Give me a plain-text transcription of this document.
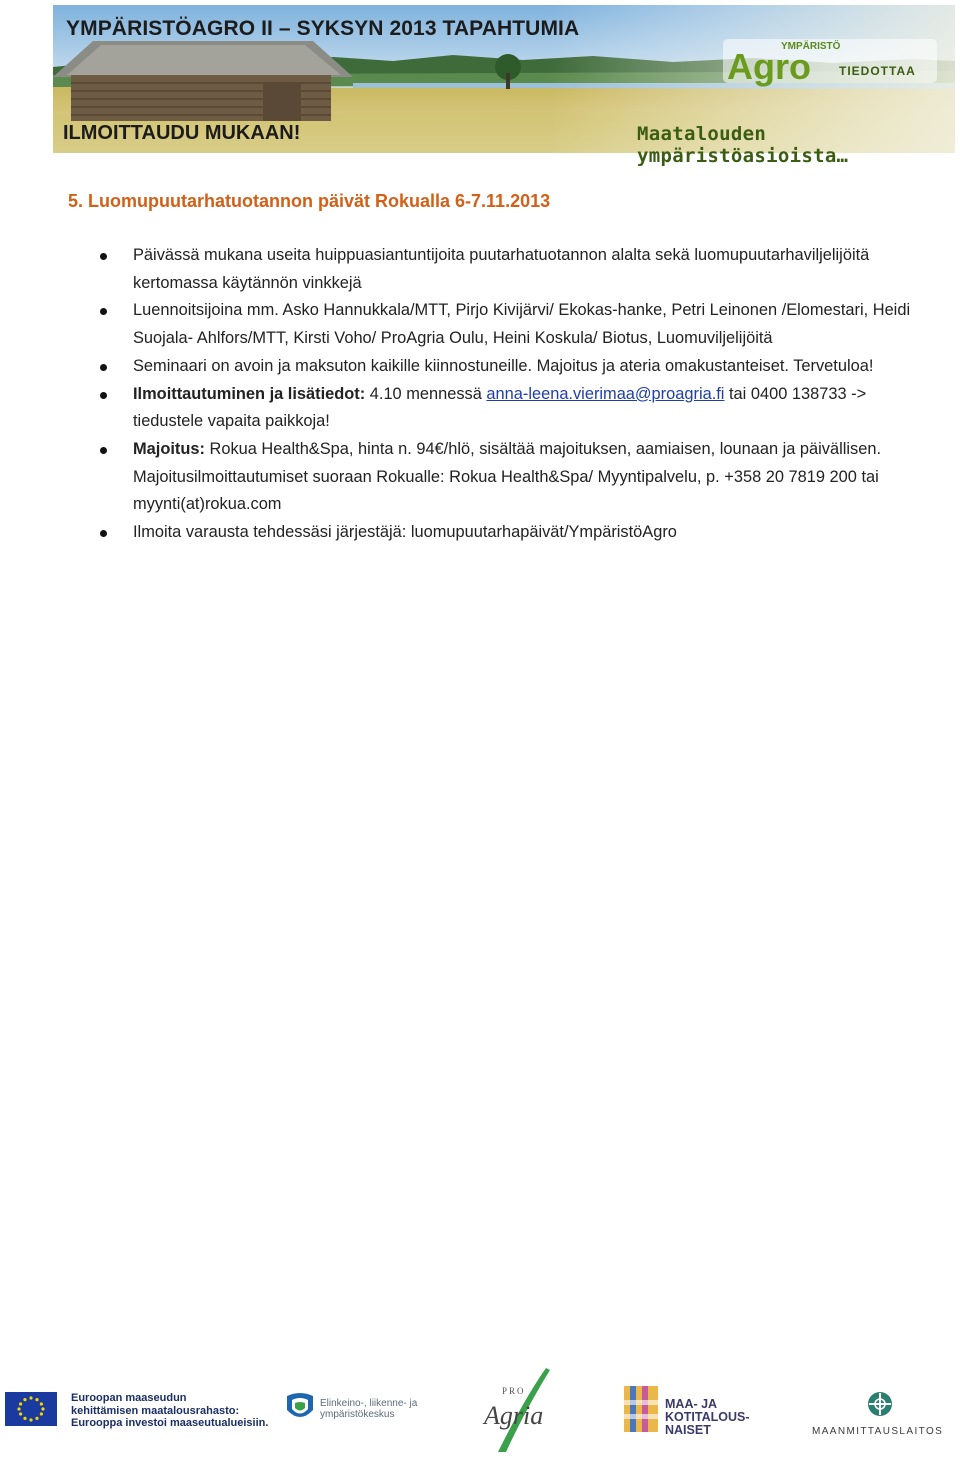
YMPÄRISTÖAGRO II – SYKSYN 2013 TAPAHTUMIA
YMPÄRISTÖ
Agro TIEDOTTAA

ILMOITTAUDU MUKAAN!	Maatalouden ympäristöasioista…

5. Luomupuutarhatuotannon päivät Rokualla 6-7.11.2013
Päivässä mukana useita huippuasiantuntijoita puutarhatuotannon alalta sekä luomupuutarhaviljelijöitä kertomassa käytännön vinkkejä
Luennoitsijoina mm. Asko Hannukkala/MTT, Pirjo Kivijärvi/ Ekokas-hanke, Petri Leinonen /Elomestari, Heidi Suojala- Ahlfors/MTT, Kirsti Voho/ ProAgria Oulu, Heini Koskula/ Biotus, Luomuviljelijöitä
Seminaari on avoin ja maksuton kaikille kiinnostuneille. Majoitus ja ateria omakustanteiset. Tervetuloa!
Ilmoittautuminen ja lisätiedot: 4.10 mennessä anna-leena.vierimaa@proagria.fi tai 0400 138733 -> tiedustele vapaita paikkoja!
Majoitus: Rokua Health&Spa, hinta n. 94€/hlö, sisältää majoituksen, aamiaisen, lounaan ja päivällisen. Majoitusilmoittautumiset suoraan Rokualle: Rokua Health&Spa/ Myyntipalvelu, p. +358 20 7819 200 tai myynti(at)rokua.com
Ilmoita varausta tehdessäsi järjestäjä: luomupuutarhapäivät/YmpäristöAgro
Euroopan maaseudun
kehittämisen maatalousrahasto:
Eurooppa investoi maaseutualueisiin.
Elinkeino-, liikenne- ja
ympäristökeskus
PRO
Agria	MAA- JA
KOTITALOUS-
NAISET	MAANMITTAUSLAITOS
